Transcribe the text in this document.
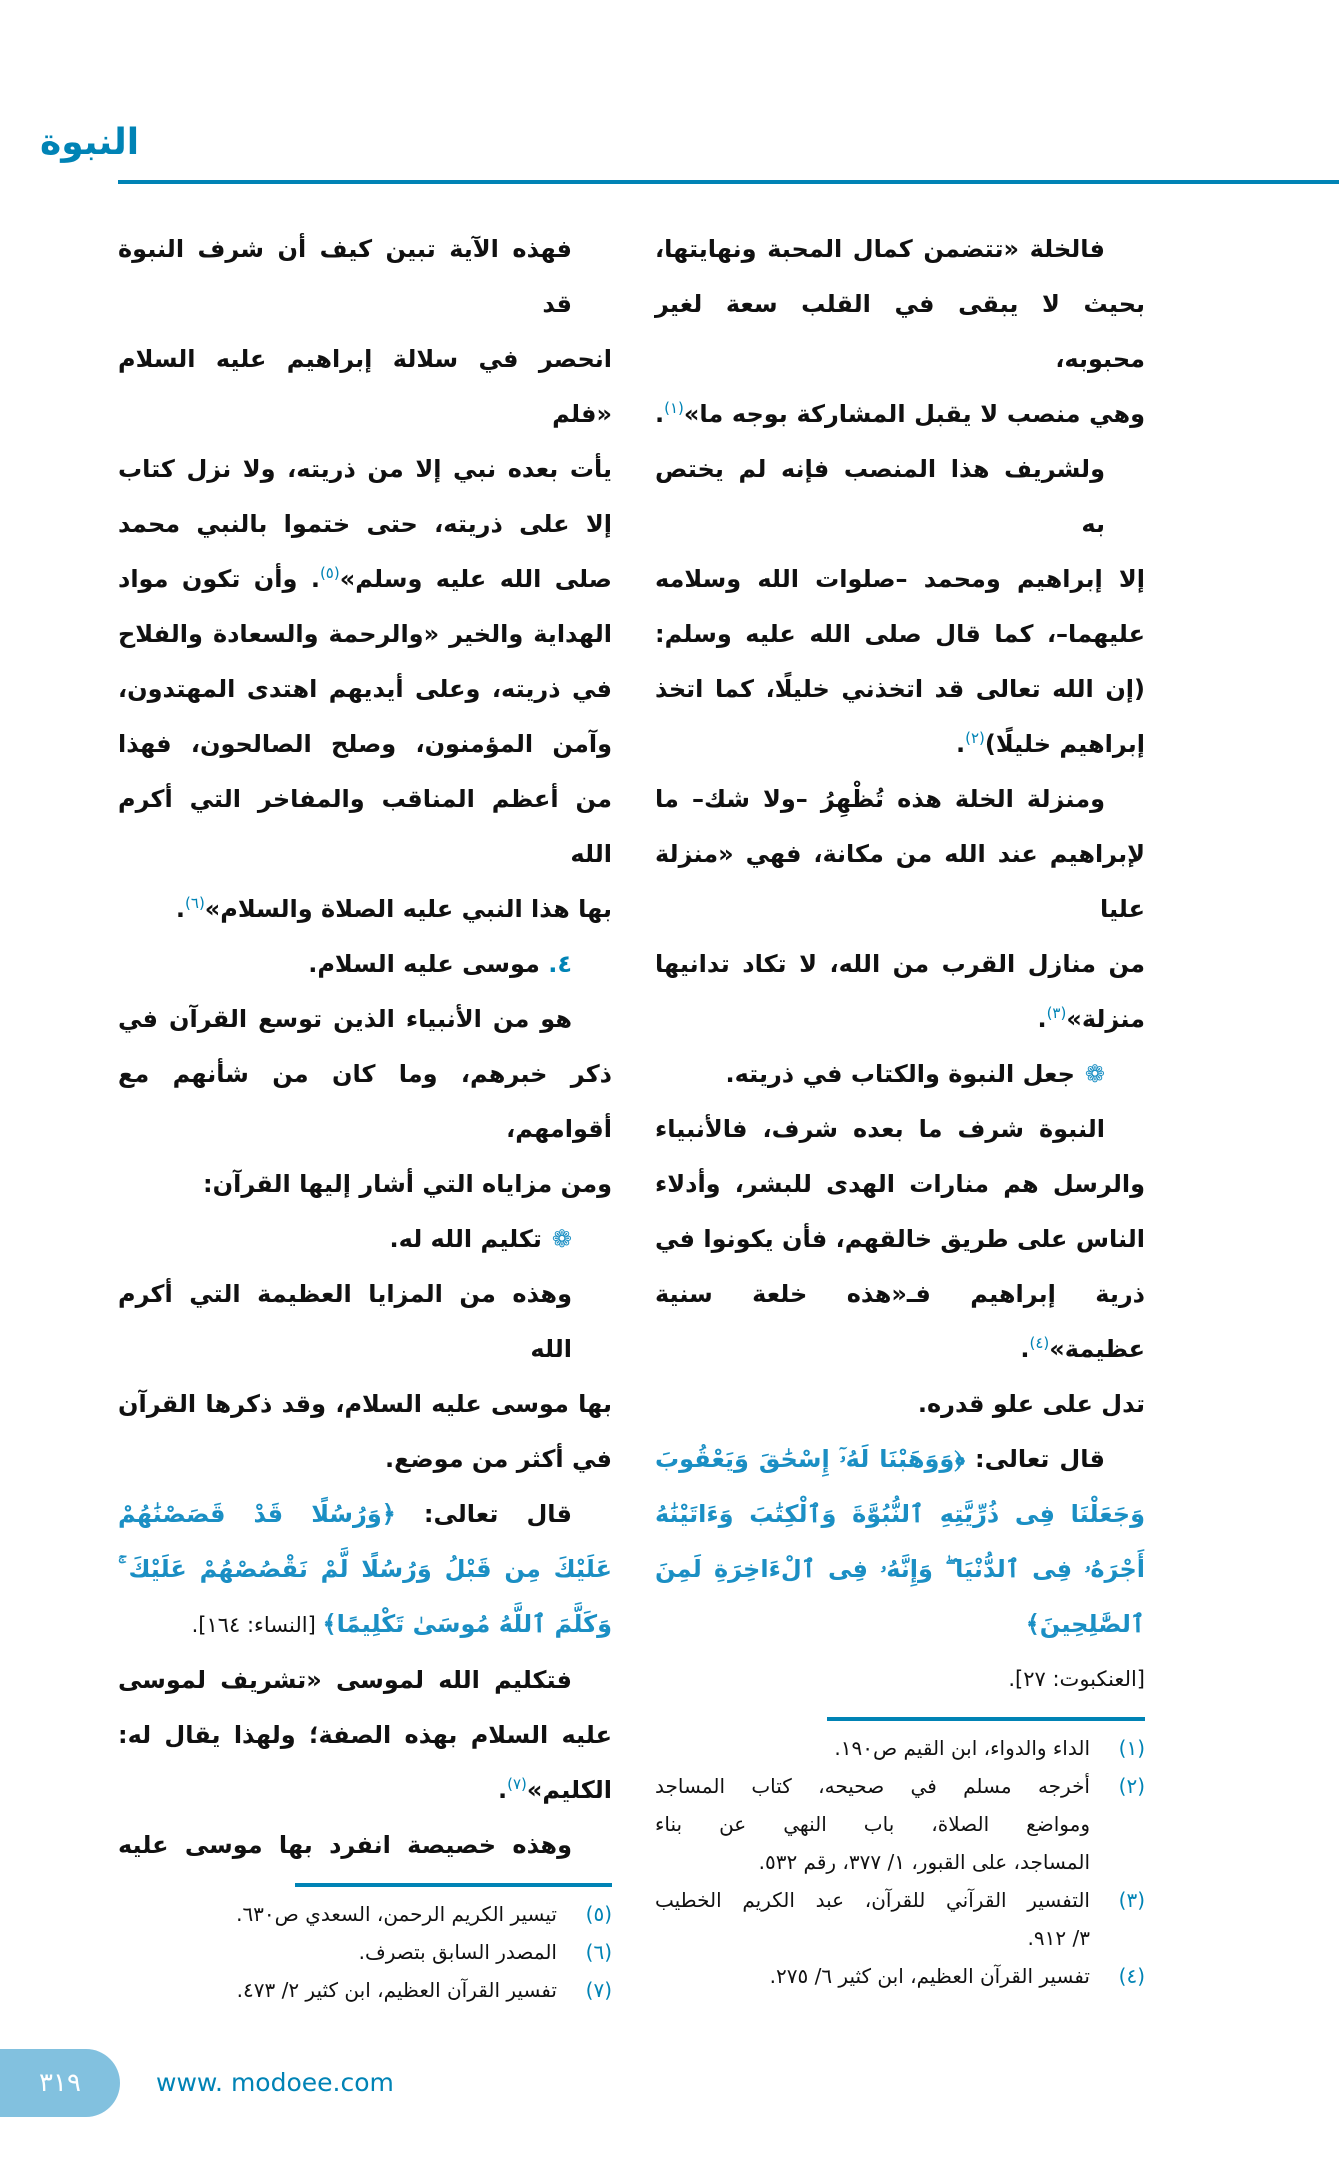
النبوة
فهذه الآية تبين كيف أن شرف النبوة قد
انحصر في سلالة إبراهيم عليه السلام «فلم
يأت بعده نبي إلا من ذريته، ولا نزل كتاب
إلا على ذريته، حتى ختموا بالنبي محمد
صلى الله عليه وسلم»$^{(٥)}$. وأن تكون مواد
الهداية والخير «والرحمة والسعادة والفلاح
في ذريته، وعلى أيديهم اهتدى المهتدون،
وآمن المؤمنون، وصلح الصالحون، فهذا
من أعظم المناقب والمفاخر التي أكرم الله
بها هذا النبي عليه الصلاة والسلام»$^{(٦)}$.
٤. موسى عليه السلام.
هو من الأنبياء الذين توسع القرآن في
ذكر خبرهم، وما كان من شأنهم مع أقوامهم،
ومن مزاياه التي أشار إليها القرآن:
❁تكليم الله له.
وهذه من المزايا العظيمة التي أكرم الله
بها موسى عليه السلام، وقد ذكرها القرآن
في أكثر من موضع.
قال تعالى: ﴿وَرُسُلًا قَدْ قَصَصْنَٰهُمْ
عَلَيْكَ مِن قَبْلُ وَرُسُلًا لَّمْ نَقْصُصْهُمْ عَلَيْكَ ۚ
وَكَلَّمَ ٱللَّهُ مُوسَىٰ تَكْلِيمًا﴾ [النساء: ١٦٤].
فتكليم الله لموسى «تشريف لموسى
عليه السلام بهذه الصفة؛ ولهذا يقال له:
الكليم»$^{(٧)}$.
وهذه خصيصة انفرد بها موسى عليه
(٥)
تيسير الكريم الرحمن، السعدي ص٦٣٠.
(٦)
المصدر السابق بتصرف.
(٧)
تفسير القرآن العظيم، ابن كثير ٢/ ٤٧٣.
فالخلة «تتضمن كمال المحبة ونهايتها،
بحيث لا يبقى في القلب سعة لغير محبوبه،
وهي منصب لا يقبل المشاركة بوجه ما»$^{(١)}$.
ولشريف هذا المنصب فإنه لم يختص به
إلا إبراهيم ومحمد –صلوات الله وسلامه
عليهما–، كما قال صلى الله عليه وسلم:
(إن الله تعالى قد اتخذني خليلًا، كما اتخذ
إبراهيم خليلًا)$^{(٢)}$.
ومنزلة الخلة هذه تُظْهِرُ –ولا شك– ما
لإبراهيم عند الله من مكانة، فهي «منزلة عليا
من منازل القرب من الله، لا تكاد تدانيها
منزلة»$^{(٣)}$.
❁جعل النبوة والكتاب في ذريته.
النبوة شرف ما بعده شرف، فالأنبياء
والرسل هم منارات الهدى للبشر، وأدلاء
الناس على طريق خالقهم، فأن يكونوا في
ذرية إبراهيم فـ«هذه خلعة سنية عظيمة»$^{(٤)}$.
تدل على علو قدره.
قال تعالى: ﴿وَوَهَبْنَا لَهُۥٓ إِسْحَٰقَ وَيَعْقُوبَ
وَجَعَلْنَا فِى ذُرِّيَّتِهِ ٱلنُّبُوَّةَ وَٱلْكِتَٰبَ وَءَاتَيْنَٰهُ
أَجْرَهُۥ فِى ٱلدُّنْيَا ۖ وَإِنَّهُۥ فِى ٱلْءَاخِرَةِ لَمِنَ ٱلصَّٰلِحِينَ﴾
[العنكبوت: ٢٧].
(١)
الداء والدواء، ابن القيم ص١٩٠.
(٢)
أخرجه مسلم في صحيحه، كتاب المساجد
ومواضع الصلاة، باب النهي عن بناء
المساجد، على القبور، ١/ ٣٧٧، رقم ٥٣٢.
(٣)
التفسير القرآني للقرآن، عبد الكريم الخطيب
٣/ ٩١٢.
(٤)
تفسير القرآن العظيم، ابن كثير ٦/ ٢٧٥.
٣١٩	www. modoee.com
